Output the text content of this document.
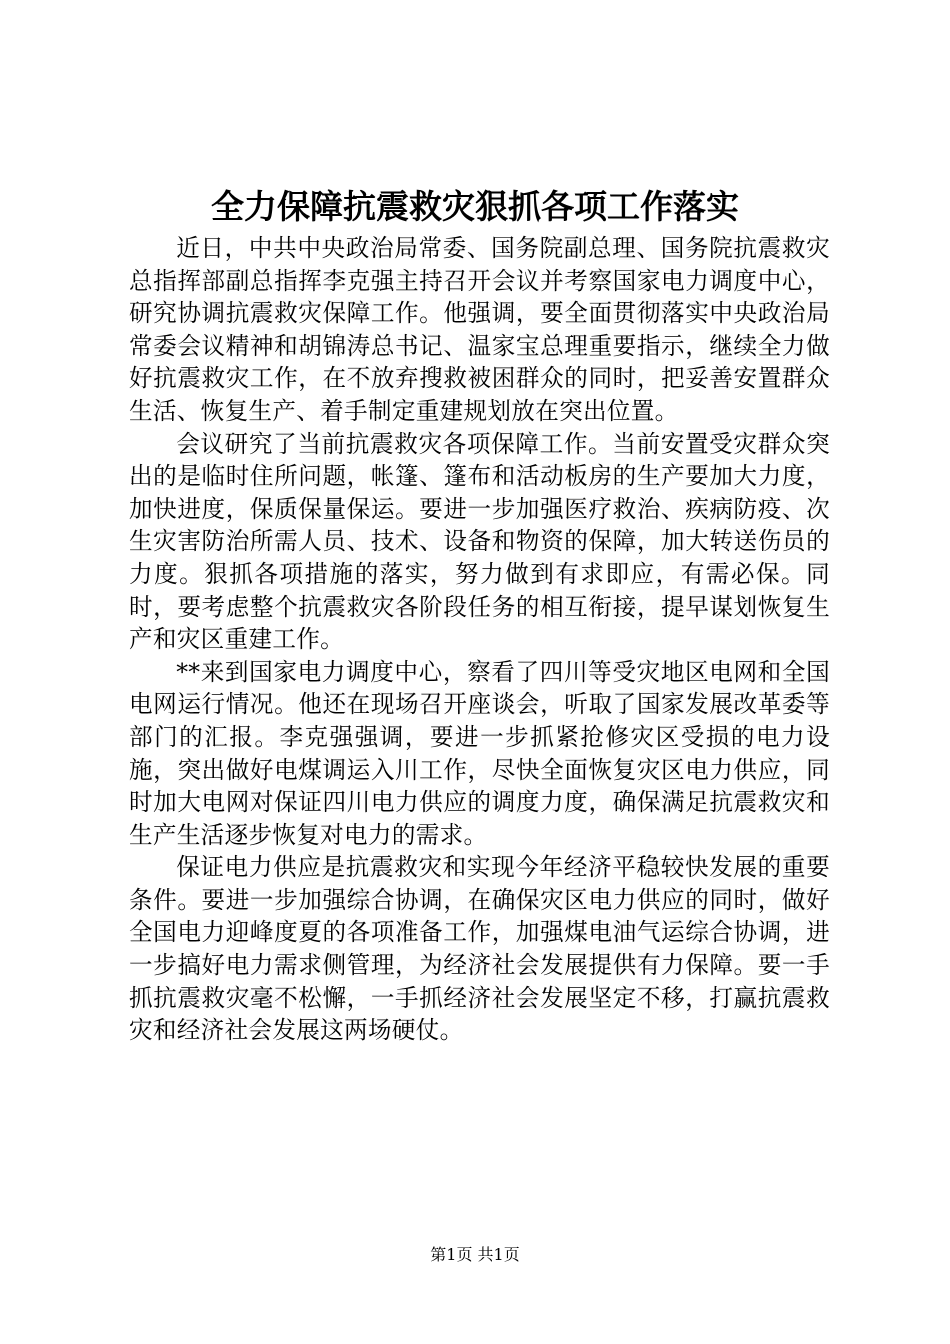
全力保障抗震救灾狠抓各项工作落实

近日，中共中央政治局常委、国务院副总理、国务院抗震救灾总指挥部副总指挥李克强主持召开会议并考察国家电力调度中心，研究协调抗震救灾保障工作。他强调，要全面贯彻落实中央政治局常委会议精神和胡锦涛总书记、温家宝总理重要指示，继续全力做好抗震救灾工作，在不放弃搜救被困群众的同时，把妥善安置群众生活、恢复生产、着手制定重建规划放在突出位置。

会议研究了当前抗震救灾各项保障工作。当前安置受灾群众突出的是临时住所问题，帐篷、篷布和活动板房的生产要加大力度，加快进度，保质保量保运。要进一步加强医疗救治、疾病防疫、次生灾害防治所需人员、技术、设备和物资的保障，加大转送伤员的力度。狠抓各项措施的落实，努力做到有求即应，有需必保。同时，要考虑整个抗震救灾各阶段任务的相互衔接，提早谋划恢复生产和灾区重建工作。

**来到国家电力调度中心，察看了四川等受灾地区电网和全国电网运行情况。他还在现场召开座谈会，听取了国家发展改革委等部门的汇报。李克强强调，要进一步抓紧抢修灾区受损的电力设施，突出做好电煤调运入川工作，尽快全面恢复灾区电力供应，同时加大电网对保证四川电力供应的调度力度，确保满足抗震救灾和生产生活逐步恢复对电力的需求。

保证电力供应是抗震救灾和实现今年经济平稳较快发展的重要条件。要进一步加强综合协调，在确保灾区电力供应的同时，做好全国电力迎峰度夏的各项准备工作，加强煤电油气运综合协调，进一步搞好电力需求侧管理，为经济社会发展提供有力保障。要一手抓抗震救灾毫不松懈，一手抓经济社会发展坚定不移，打赢抗震救灾和经济社会发展这两场硬仗。

第1页 共1页
